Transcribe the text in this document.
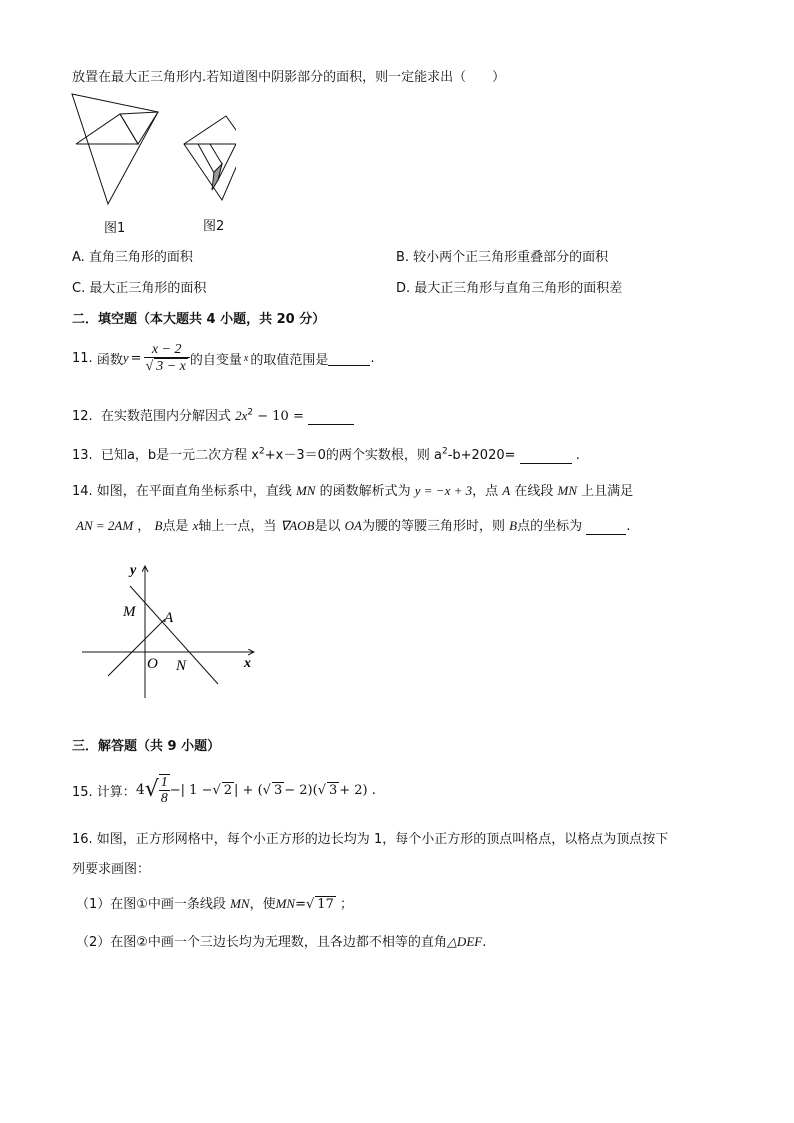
放置在最大正三角形内.若知道图中阴影部分的面积，则一定能求出（　　）
图1	图2
A. 直角三角形的面积	B. 较小两个正三角形重叠部分的面积
C. 最大正三角形的面积	D. 最大正三角形与直角三角形的面积差
二．填空题（本大题共 4 小题，共 20 分）
11.
函数 $y = \frac{x - 2}{√ 3 - x}$ 的自变量 x 的取值范围是
	.
12. 在实数范围内分解因式 $2x^2 - 10$ =
13. 已知a，b是一元二次方程 $x^2+x-3=0$的两个实数根，则 $a^2-b+2020=$	.
14. 如图，在平面直角坐标系中，直线 MN 的函数解析式为 y = −x + 3，点 A 在线段 MN 上且满足
AN = 2AM ， B点是 x轴上一点，当 ∇AOB是以 OA为腰的等腰三角形时，则 B点的坐标为	.
y
x
M A
O N
三．解答题（共 9 小题）
15. 计算： 4 √ $\frac{1}{8}$ −| 1 − √ 2 | + ( √ 3 − 2)( √ 3 + 2) .
16. 如图，正方形网格中，每个小正方形的边长均为 1，每个小正方形的顶点叫格点，以格点为顶点按下
列要求画图：
（1）在图①中画一条线段 MN，使MN=√ 17 ；
（2）在图②中画一个三边长均为无理数，且各边都不相等的直角△DEF.
